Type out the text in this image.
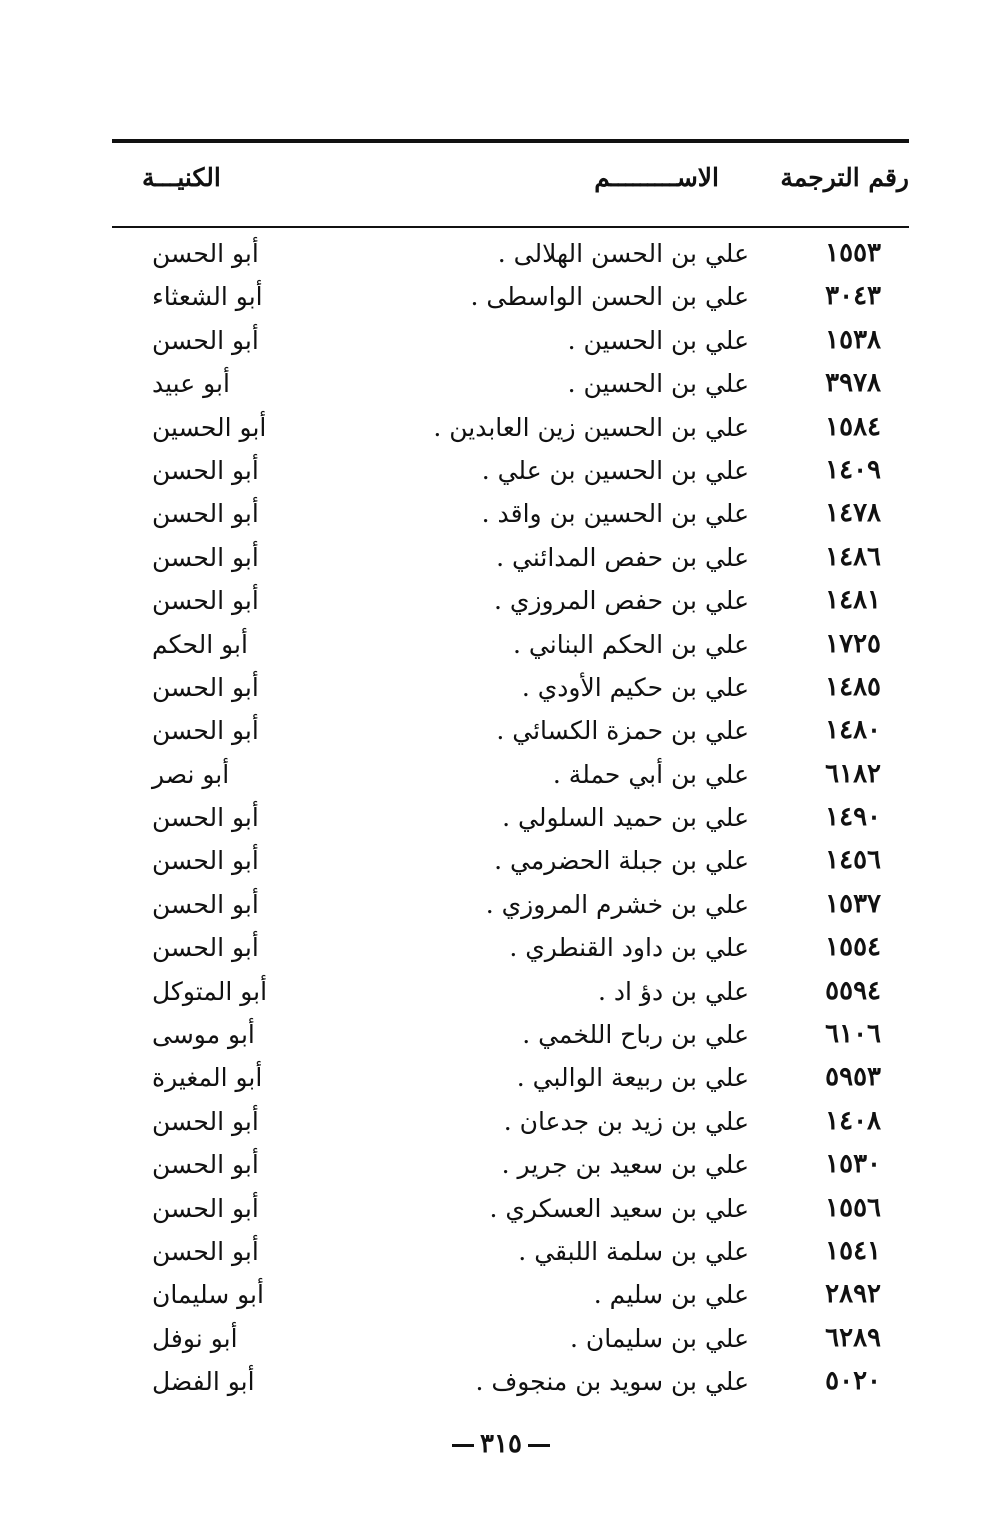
رقم الترجمة
الاســـــــــم
الكنيـــة
١٥٥٣
علي بن الحسن الهلالى .
أبو الحسن
٣٠٤٣
علي بن الحسن الواسطى .
أبو الشعثاء
١٥٣٨
علي بن الحسين .
أبو الحسن
٣٩٧٨
علي بن الحسين .
أبو عبيد
١٥٨٤
علي بن الحسين زين العابدين .
أبو الحسين
١٤٠٩
علي بن الحسين بن علي .
أبو الحسن
١٤٧٨
علي بن الحسين بن واقد .
أبو الحسن
١٤٨٦
علي بن حفص المدائني .
أبو الحسن
١٤٨١
علي بن حفص المروزي .
أبو الحسن
١٧٢٥
علي بن الحكم البناني .
أبو الحكم
١٤٨٥
علي بن حكيم الأودي .
أبو الحسن
١٤٨٠
علي بن حمزة الكسائي .
أبو الحسن
٦١٨٢
علي بن أبي حملة .
أبو نصر
١٤٩٠
علي بن حميد السلولي .
أبو الحسن
١٤٥٦
علي بن جبلة الحضرمي .
أبو الحسن
١٥٣٧
علي بن خشرم المروزي .
أبو الحسن
١٥٥٤
علي بن داود القنطري .
أبو الحسن
٥٥٩٤
علي بن دؤ اد .
أبو المتوكل
٦١٠٦
علي بن رباح اللخمي .
أبو موسى
٥٩٥٣
علي بن ربيعة الوالبي .
أبو المغيرة
١٤٠٨
علي بن زيد بن جدعان .
أبو الحسن
١٥٣٠
علي بن سعيد بن جرير .
أبو الحسن
١٥٥٦
علي بن سعيد العسكري .
أبو الحسن
١٥٤١
علي بن سلمة اللبقي .
أبو الحسن
٢٨٩٢
علي بن سليم .
أبو سليمان
٦٢٨٩
علي بن سليمان .
أبو نوفل
٥٠٢٠
علي بن سويد بن منجوف .
أبو الفضل
٣١٥
